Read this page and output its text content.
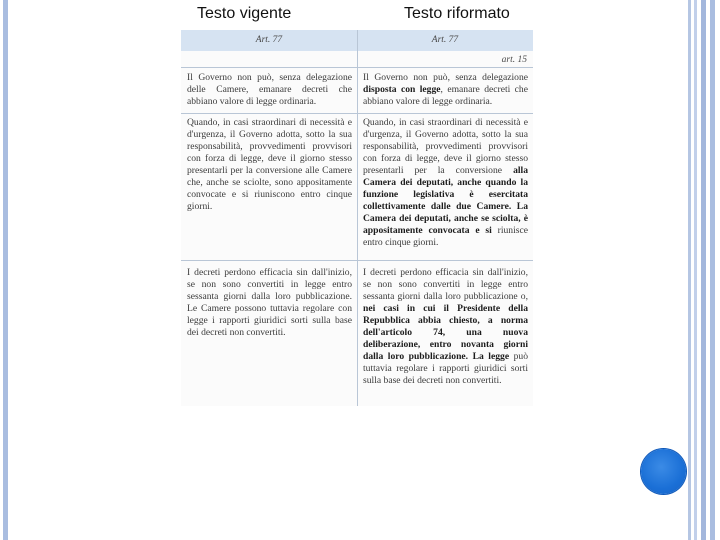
Testo vigente	Testo riformato
Art. 77	Art. 77
art. 15

Il Governo non può, senza delegazione delle Camere, emanare decreti che abbiano valore di legge ordinaria.

Quando, in casi straordinari di necessità e d'urgenza, il Governo adotta, sotto la sua responsabilità, provvedimenti provvisori con forza di legge, deve il giorno stesso presentarli per la conversione alle Camere che, anche se sciolte, sono appositamente convocate e si riuniscono entro cinque giorni.

I decreti perdono efficacia sin dall'inizio, se non sono convertiti in legge entro sessanta giorni dalla loro pubblicazione. Le Camere possono tuttavia regolare con legge i rapporti giuridici sorti sulla base dei decreti non convertiti.

Il Governo non può, senza delegazione disposta con legge, emanare decreti che abbiano valore di legge ordinaria.

Quando, in casi straordinari di necessità e d'urgenza, il Governo adotta, sotto la sua responsabilità, provvedimenti provvisori con forza di legge, deve il giorno stesso presentarli per la conversione alla Camera dei deputati, anche quando la funzione legislativa è esercitata collettivamente dalle due Camere. La Camera dei deputati, anche se sciolta, è appositamente convocata e si riunisce entro cinque giorni.

I decreti perdono efficacia sin dall'inizio, se non sono convertiti in legge entro sessanta giorni dalla loro pubblicazione o, nei casi in cui il Presidente della Repubblica abbia chiesto, a norma dell'articolo 74, una nuova deliberazione, entro novanta giorni dalla loro pubblicazione. La legge può tuttavia regolare i rapporti giuridici sorti sulla base dei decreti non convertiti.
